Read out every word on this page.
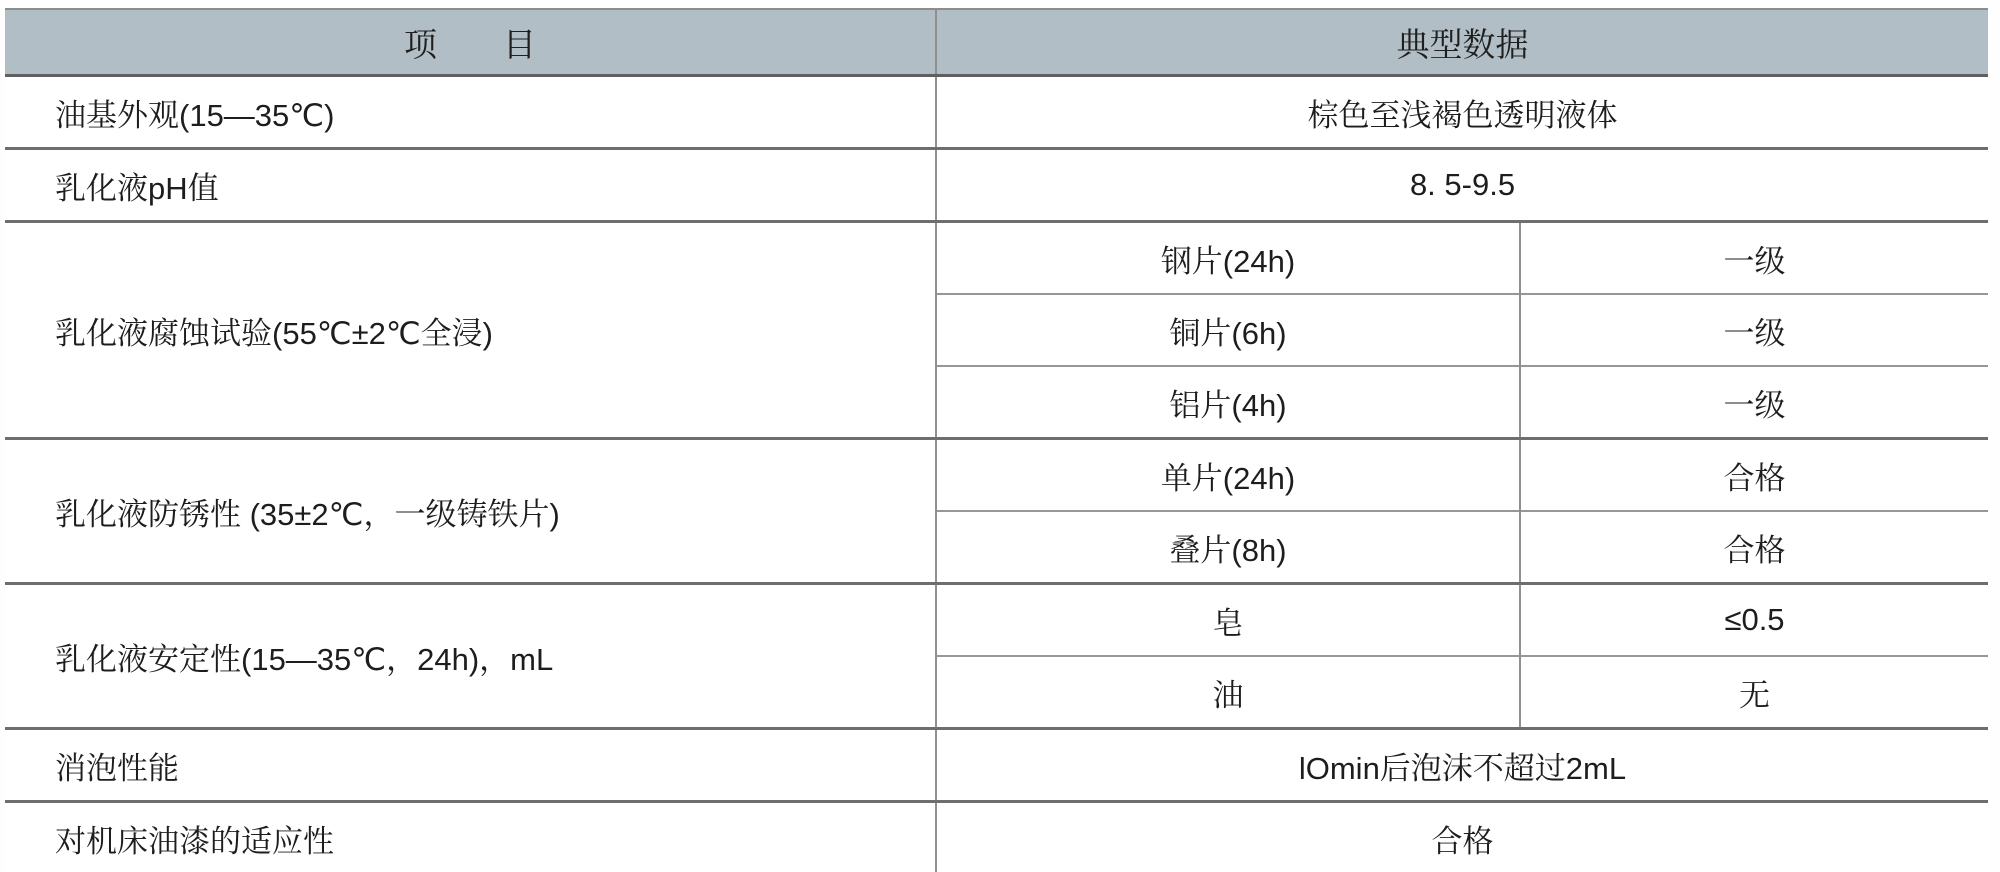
项　　目	典型数据	
油基外观(15—35℃)	棕色至浅褐色透明液体	
乳化液pH值	8. 5-9.5	
乳化液腐蚀试验(55℃±2℃全浸)	钢片(24h)	一级
	铜片(6h)	一级
	铝片(4h)	一级
乳化液防锈性 (35±2℃，一级铸铁片)	单片(24h)	合格
	叠片(8h)	合格
乳化液安定性(15—35℃，24h)，mL	皂	≤0.5
	油	无
消泡性能	lOmin后泡沫不超过2mL	
对机床油漆的适应性	合格	
